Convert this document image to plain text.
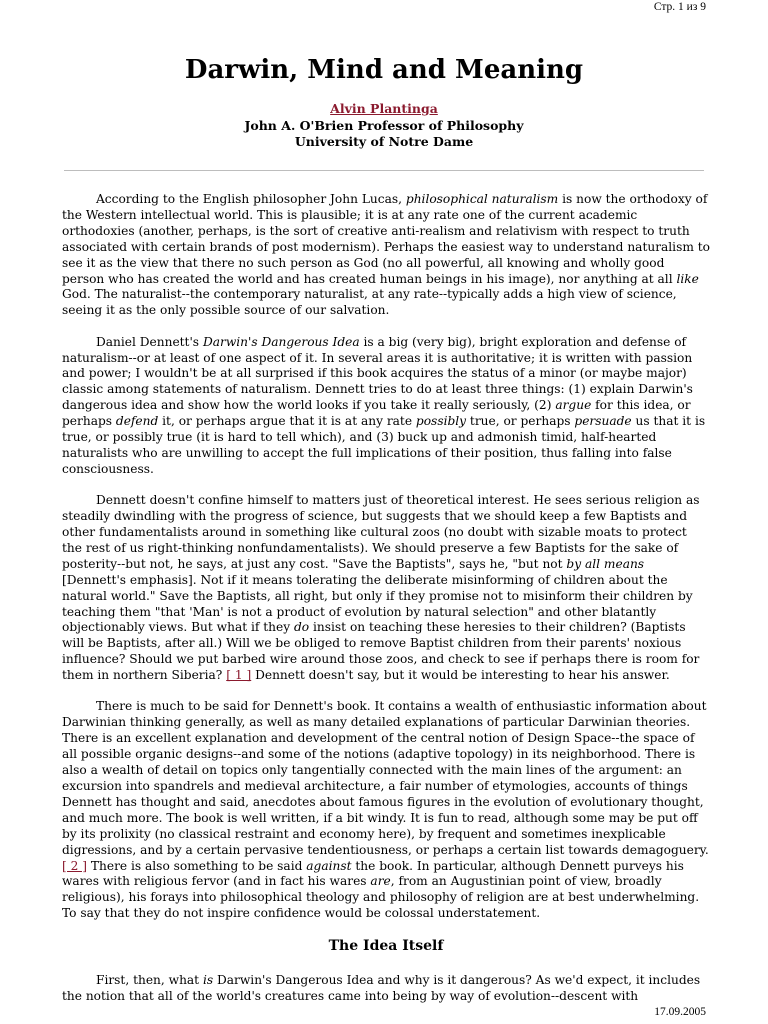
Стр. 1 из 9
Darwin, Mind and Meaning
Alvin Plantinga
John A. O'Brien Professor of Philosophy
University of Notre Dame

According to the English philosopher John Lucas, philosophical naturalism is now the orthodoxy of the Western intellectual world. This is plausible; it is at any rate one of the current academic orthodoxies (another, perhaps, is the sort of creative anti-realism and relativism with respect to truth associated with certain brands of post modernism). Perhaps the easiest way to understand naturalism to see it as the view that there no such person as God (no all powerful, all knowing and wholly good person who has created the world and has created human beings in his image), nor anything at all like God. The naturalist--the contemporary naturalist, at any rate--typically adds a high view of science, seeing it as the only possible source of our salvation.

Daniel Dennett's Darwin's Dangerous Idea is a big (very big), bright exploration and defense of naturalism--or at least of one aspect of it. In several areas it is authoritative; it is written with passion and power; I wouldn't be at all surprised if this book acquires the status of a minor (or maybe major) classic among statements of naturalism. Dennett tries to do at least three things: (1) explain Darwin's dangerous idea and show how the world looks if you take it really seriously, (2) argue for this idea, or perhaps defend it, or perhaps argue that it is at any rate possibly true, or perhaps persuade us that it is true, or possibly true (it is hard to tell which), and (3) buck up and admonish timid, half-hearted naturalists who are unwilling to accept the full implications of their position, thus falling into false consciousness.

Dennett doesn't confine himself to matters just of theoretical interest. He sees serious religion as steadily dwindling with the progress of science, but suggests that we should keep a few Baptists and other fundamentalists around in something like cultural zoos (no doubt with sizable moats to protect the rest of us right-thinking nonfundamentalists). We should preserve a few Baptists for the sake of posterity--but not, he says, at just any cost. "Save the Baptists", says he, "but not by all means [Dennett's emphasis]. Not if it means tolerating the deliberate misinforming of children about the natural world." Save the Baptists, all right, but only if they promise not to misinform their children by teaching them "that 'Man' is not a product of evolution by natural selection" and other blatantly objectionably views. But what if they do insist on teaching these heresies to their children? (Baptists will be Baptists, after all.) Will we be obliged to remove Baptist children from their parents' noxious influence? Should we put barbed wire around those zoos, and check to see if perhaps there is room for them in northern Siberia? [ 1 ] Dennett doesn't say, but it would be interesting to hear his answer.

There is much to be said for Dennett's book. It contains a wealth of enthusiastic information about Darwinian thinking generally, as well as many detailed explanations of particular Darwinian theories. There is an excellent explanation and development of the central notion of Design Space--the space of all possible organic designs--and some of the notions (adaptive topology) in its neighborhood. There is also a wealth of detail on topics only tangentially connected with the main lines of the argument: an excursion into spandrels and medieval architecture, a fair number of etymologies, accounts of things Dennett has thought and said, anecdotes about famous figures in the evolution of evolutionary thought, and much more. The book is well written, if a bit windy. It is fun to read, although some may be put off by its prolixity (no classical restraint and economy here), by frequent and sometimes inexplicable digressions, and by a certain pervasive tendentiousness, or perhaps a certain list towards demagoguery. [ 2 ] There is also something to be said against the book. In particular, although Dennett purveys his wares with religious fervor (and in fact his wares are, from an Augustinian point of view, broadly religious), his forays into philosophical theology and philosophy of religion are at best underwhelming. To say that they do not inspire confidence would be colossal understatement.

The Idea Itself

First, then, what is Darwin's Dangerous Idea and why is it dangerous? As we'd expect, it includes the notion that all of the world's creatures came into being by way of evolution--descent with

17.09.2005
